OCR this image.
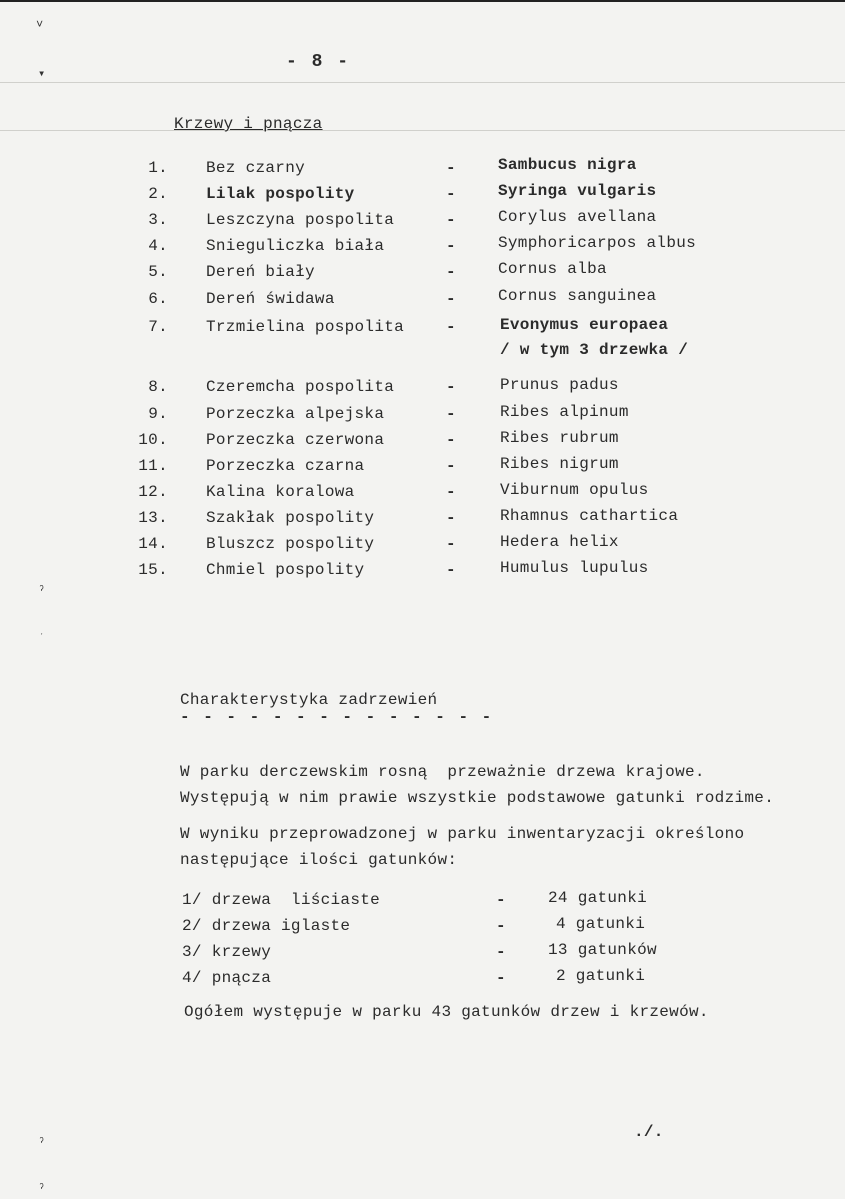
˅
▾
ˀ
ˑ
ˀ
ˀ
- 8 -
Krzewy i pnącza
1. Bez czarny	-	Sambucus nigra
2. Lilak pospolity	-	Syringa vulgaris
3. Leszczyna pospolita	-	Corylus avellana
4. Snieguliczka biała	-	Symphoricarpos albus
5. Dereń biały	-	Cornus alba
6. Dereń świdawa	-	Cornus sanguinea
7. Trzmielina pospolita	-	Evonymus europaea
/ w tym 3 drzewka /
8. Czeremcha pospolita	-	Prunus padus
9. Porzeczka alpejska	-	Ribes alpinum
10. Porzeczka czerwona	-	Ribes rubrum
11. Porzeczka czarna	-	Ribes nigrum
12. Kalina koralowa	-	Viburnum opulus
13. Szakłak pospolity	-	Rhamnus cathartica
14. Bluszcz pospolity	-	Hedera helix
15. Chmiel pospolity	-	Humulus lupulus
Charakterystyka zadrzewień
- - - - - - - - - - - - - -
W parku derczewskim rosną  przeważnie drzewa krajowe.
Występują w nim prawie wszystkie podstawowe gatunki rodzime.
W wyniku przeprowadzonej w parku inwentaryzacji określono
następujące ilości gatunków:
1/ drzewa  liściaste	-	24 gatunki
2/ drzewa iglaste	-	4 gatunki
3/ krzewy	-	13 gatunków
4/ pnącza	-	2 gatunki
Ogółem występuje w parku 43 gatunków drzew i krzewów.
./.
